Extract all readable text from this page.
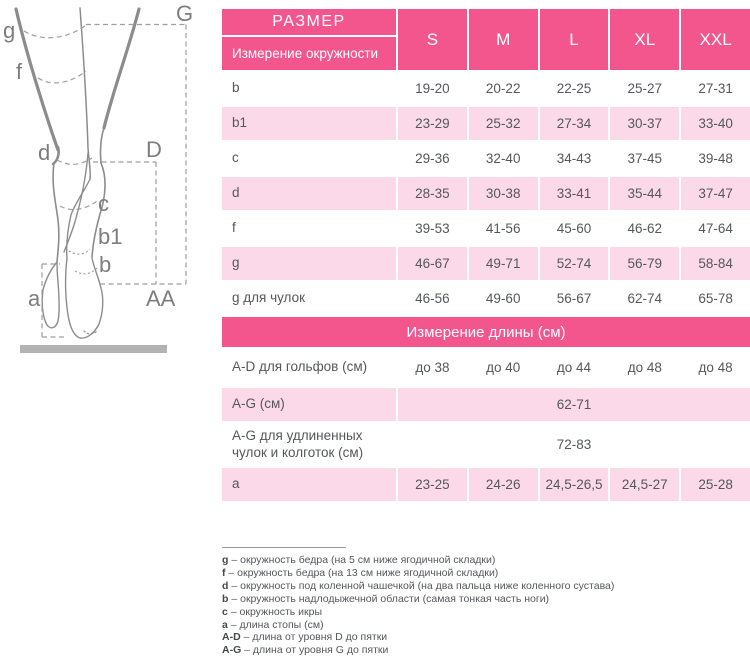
g
G
f
d	D
c
b1
b
a	AA
РАЗМЕР
Измерение окружности
S	M	L	XL	XXL
b	19-20	20-22	22-25	25-27	27-31
b1	23-29	25-32	27-34	30-37	33-40
c	29-36	32-40	34-43	37-45	39-48
d	28-35	30-38	33-41	35-44	37-47
f	39-53	41-56	45-60	46-62	47-64
g	46-67	49-71	52-74	56-79	58-84
g для чулок	46-56	49-60	56-67	62-74	65-78
Измерение длины (см)
A-D для гольфов (см)	до 38	до 40	до 44	до 48	до 48
A-G (см)	62-71
A-G для удлиненных чулок и колготок (см)	72-83
a	23-25	24-26	24,5-26,5	24,5-27	25-28
g – окружность бедра (на 5 см ниже ягодичной складки)
f – окружность бедра (на 13 см ниже ягодичной складки)
d – окружность под коленной чашечкой (на два пальца ниже коленного сустава)
b – окружность надлодыжечной области (самая тонкая часть ноги)
c – окружность икры
a – длина стопы (см)
A-D – длина от уровня D до пятки
A-G – длина от уровня G до пятки
